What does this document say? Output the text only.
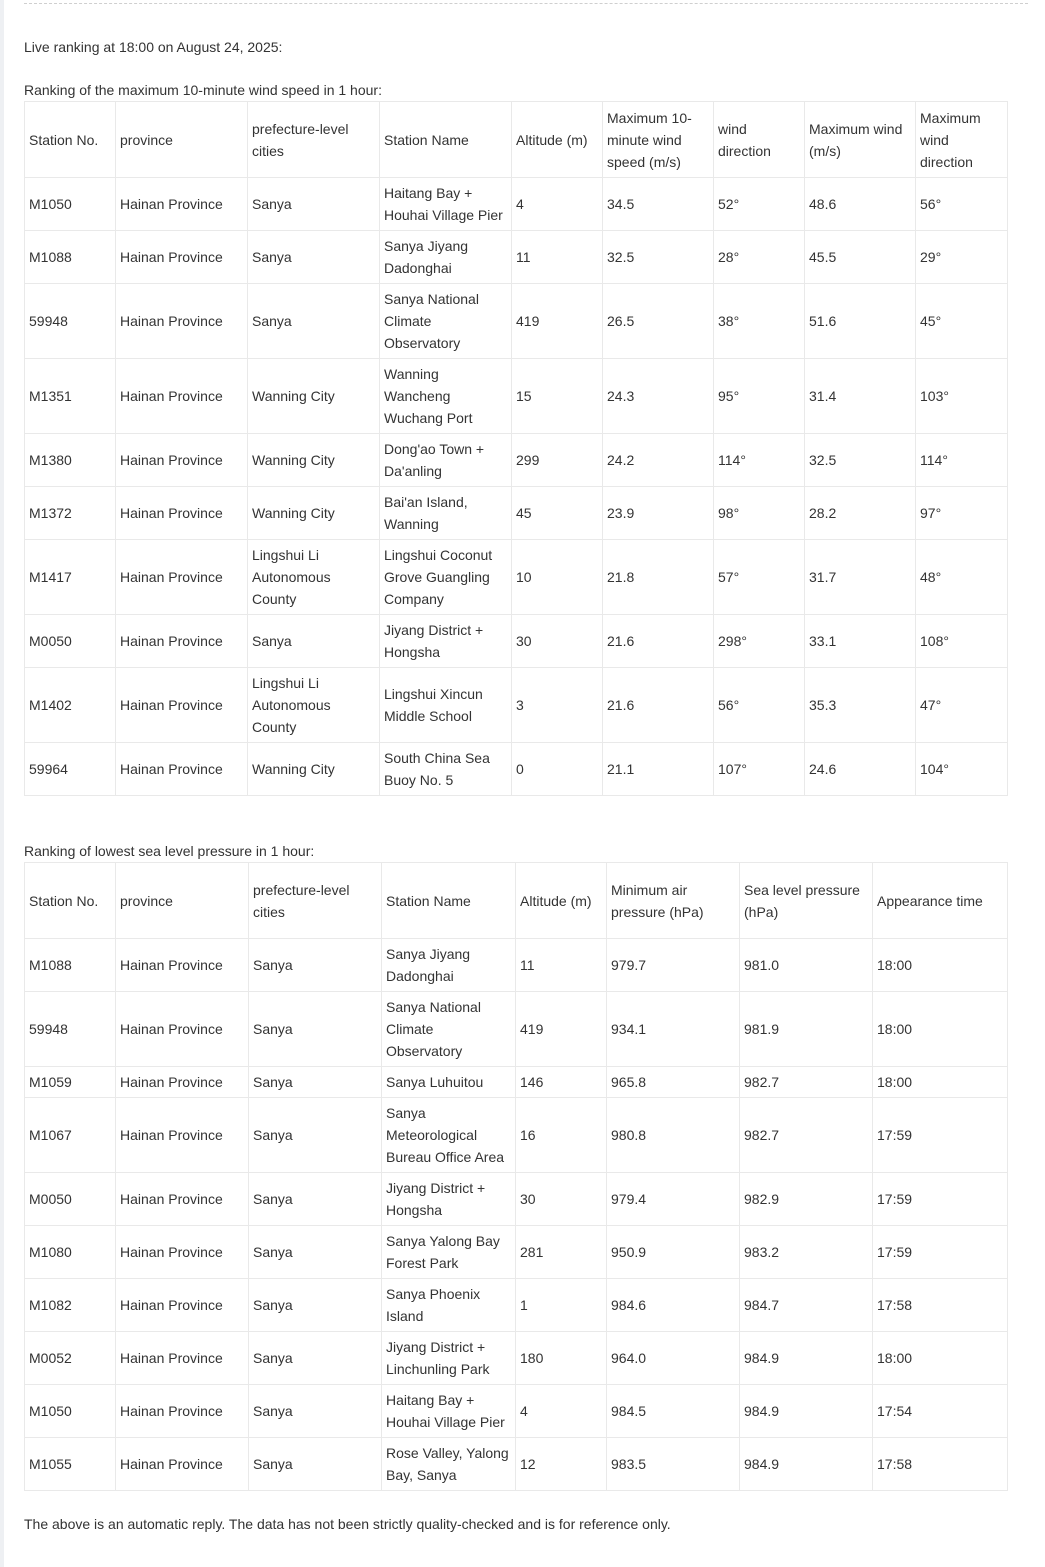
Live ranking at 18:00 on August 24, 2025:
Ranking of the maximum 10-minute wind speed in 1 hour:
Station No.	province	prefecture-level cities	Station Name	Altitude (m)	Maximum 10-minute wind speed (m/s)	wind direction	Maximum wind (m/s)	Maximum wind direction
M1050	Hainan Province	Sanya	Haitang Bay + Houhai Village Pier	4	34.5	52°	48.6	56°
M1088	Hainan Province	Sanya	Sanya Jiyang Dadonghai	11	32.5	28°	45.5	29°
59948	Hainan Province	Sanya	Sanya National Climate Observatory	419	26.5	38°	51.6	45°
M1351	Hainan Province	Wanning City	Wanning Wancheng Wuchang Port	15	24.3	95°	31.4	103°
M1380	Hainan Province	Wanning City	Dong'ao Town + Da'anling	299	24.2	114°	32.5	114°
M1372	Hainan Province	Wanning City	Bai'an Island, Wanning	45	23.9	98°	28.2	97°
M1417	Hainan Province	Lingshui Li Autonomous County	Lingshui Coconut Grove Guangling Company	10	21.8	57°	31.7	48°
M0050	Hainan Province	Sanya	Jiyang District + Hongsha	30	21.6	298°	33.1	108°
M1402	Hainan Province	Lingshui Li Autonomous County	Lingshui Xincun Middle School	3	21.6	56°	35.3	47°
59964	Hainan Province	Wanning City	South China Sea Buoy No. 5	0	21.1	107°	24.6	104°
Ranking of lowest sea level pressure in 1 hour:
Station No.	province	prefecture-level cities	Station Name	Altitude (m)	Minimum air pressure (hPa)	Sea level pressure (hPa)	Appearance time
M1088	Hainan Province	Sanya	Sanya Jiyang Dadonghai	11	979.7	981.0	18:00
59948	Hainan Province	Sanya	Sanya National Climate Observatory	419	934.1	981.9	18:00
M1059	Hainan Province	Sanya	Sanya Luhuitou	146	965.8	982.7	18:00
M1067	Hainan Province	Sanya	Sanya Meteorological Bureau Office Area	16	980.8	982.7	17:59
M0050	Hainan Province	Sanya	Jiyang District + Hongsha	30	979.4	982.9	17:59
M1080	Hainan Province	Sanya	Sanya Yalong Bay Forest Park	281	950.9	983.2	17:59
M1082	Hainan Province	Sanya	Sanya Phoenix Island	1	984.6	984.7	17:58
M0052	Hainan Province	Sanya	Jiyang District + Linchunling Park	180	964.0	984.9	18:00
M1050	Hainan Province	Sanya	Haitang Bay + Houhai Village Pier	4	984.5	984.9	17:54
M1055	Hainan Province	Sanya	Rose Valley, Yalong Bay, Sanya	12	983.5	984.9	17:58
The above is an automatic reply. The data has not been strictly quality-checked and is for reference only.
